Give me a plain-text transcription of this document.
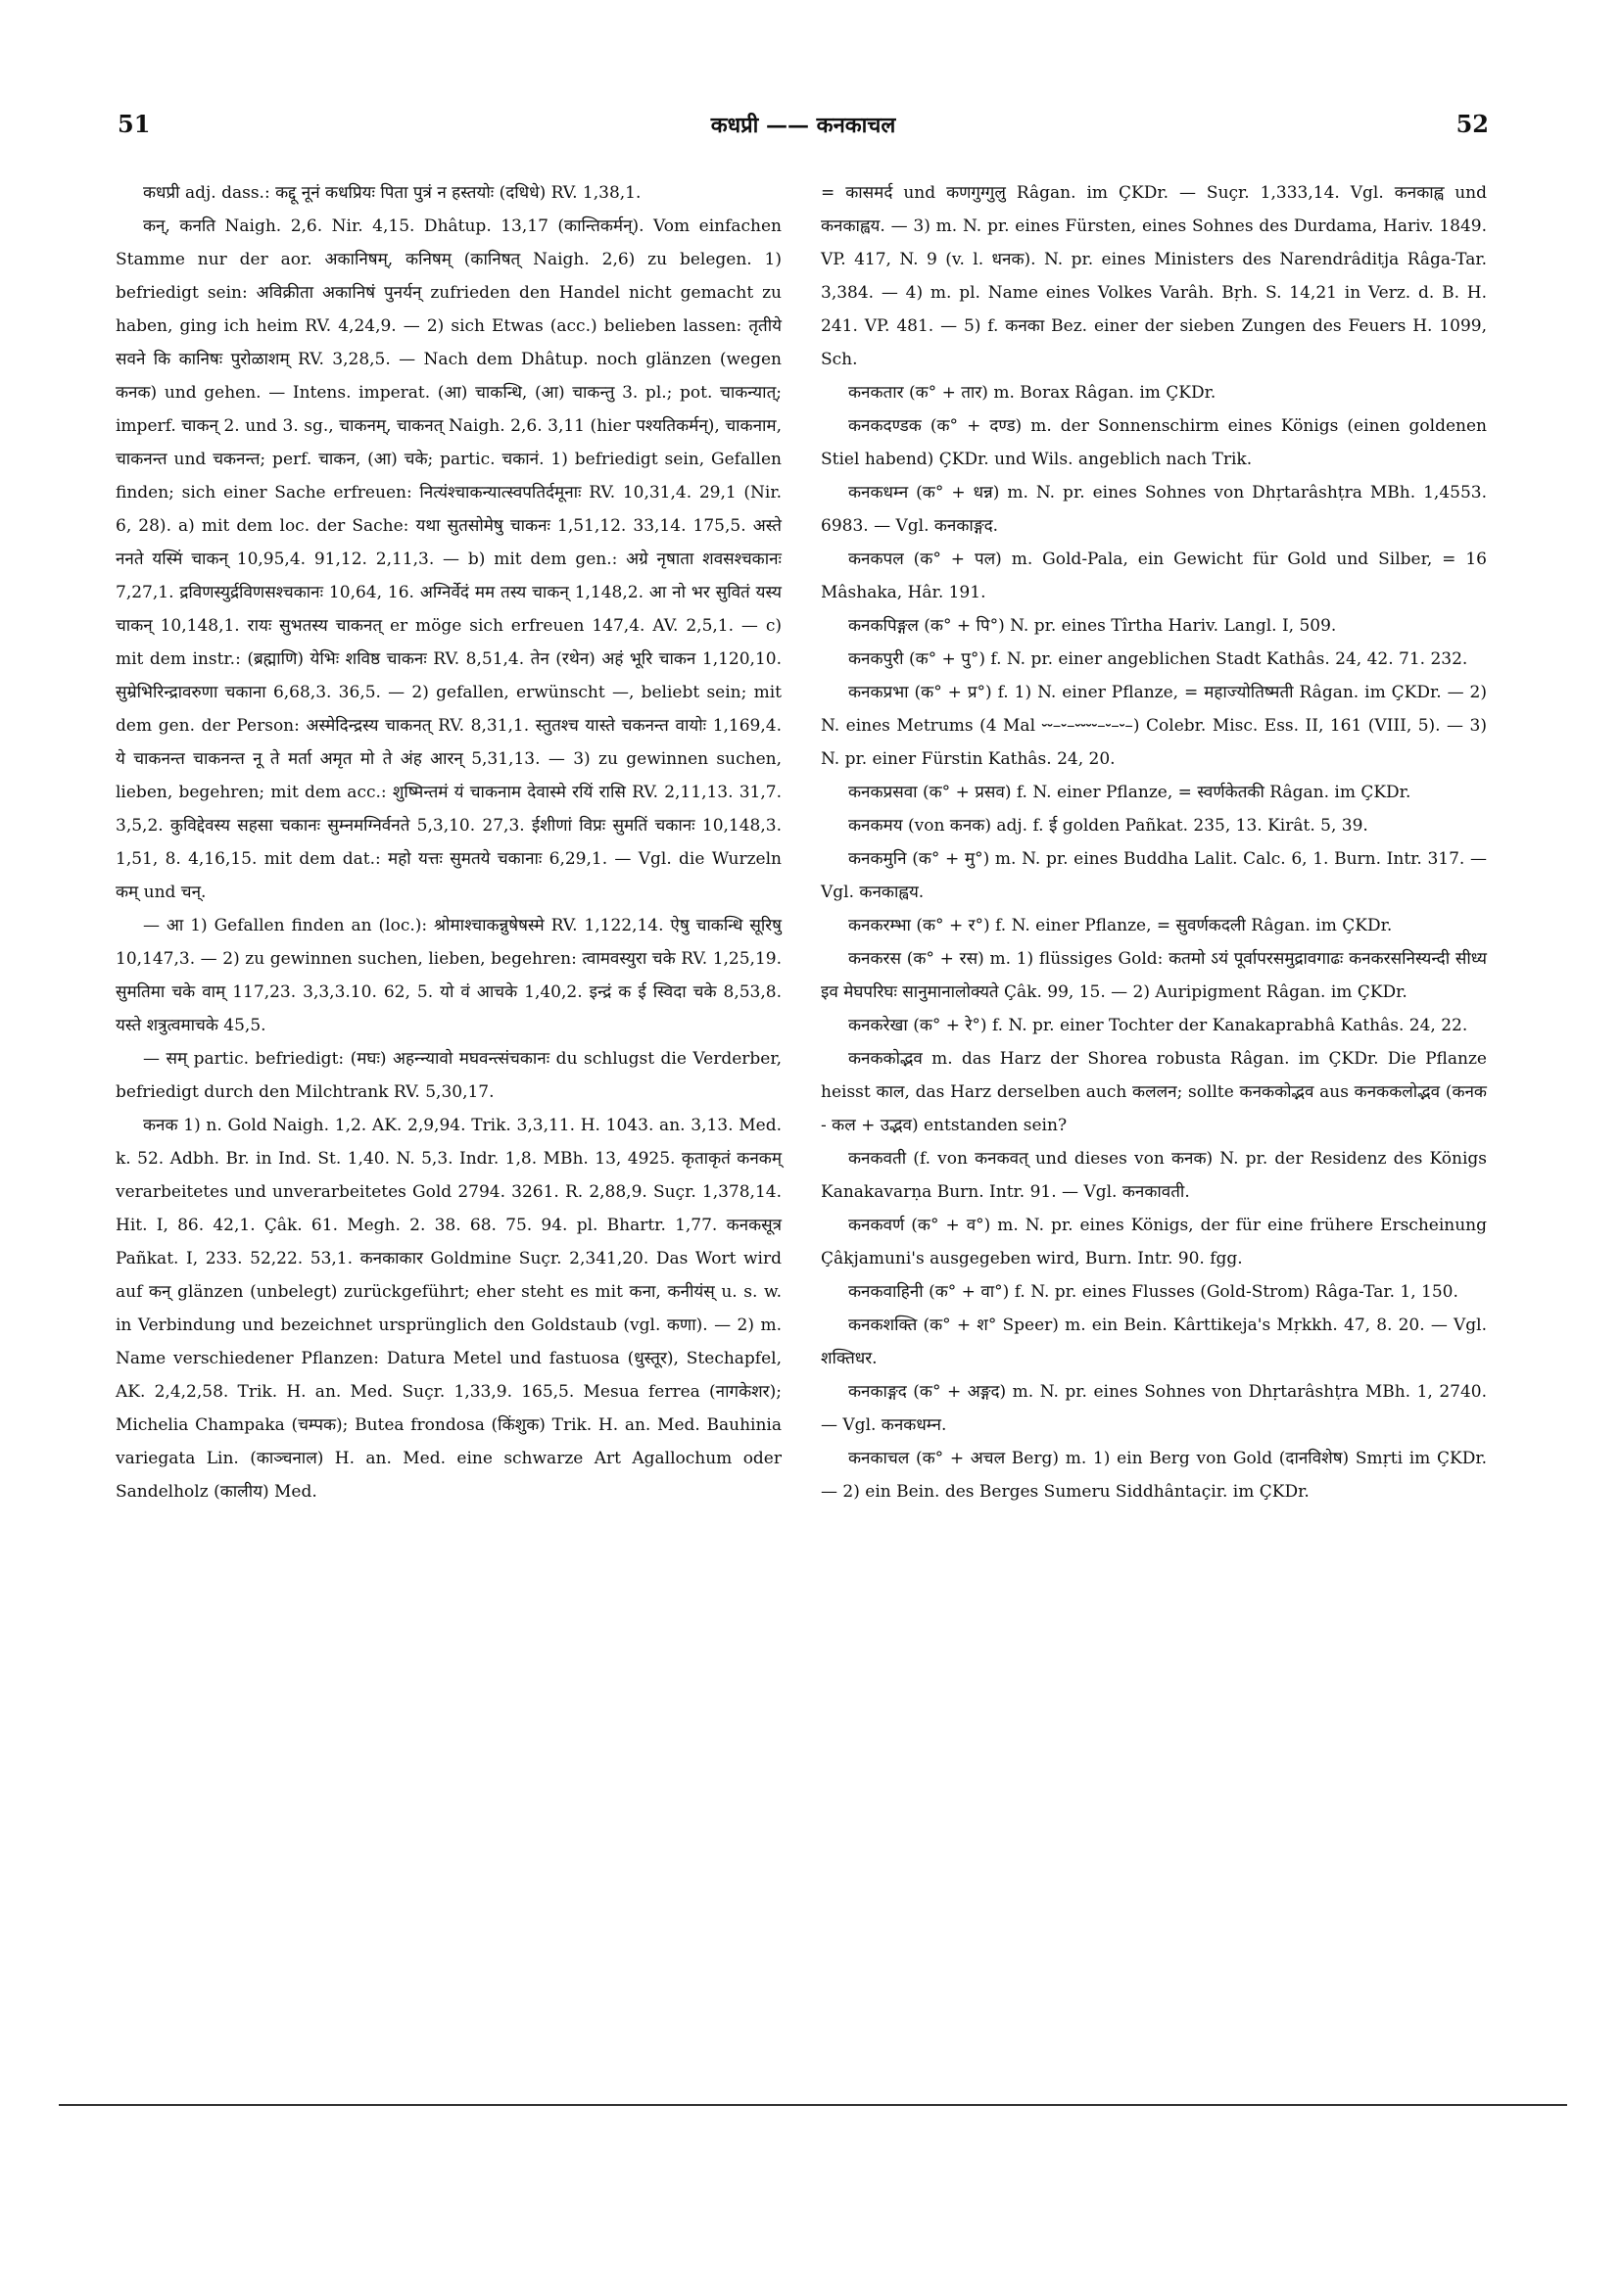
51	कधप्री —— कनकाचल	52

कधप्री adj. dass.: कद्दू नूनं कधप्रियः पिता पुत्रं न हस्तयोः (दधिधे) RV. 1,38,1.

कन्, कनति Naigh. 2,6. Nir. 4,15. Dhâtup. 13,17 (कान्तिकर्मन्). Vom einfachen Stamme nur der aor. अकानिषम्, कनिषम् (कानिषत् Naigh. 2,6) zu belegen. 1) befriedigt sein: अविक्रीता अकानिषं पुनर्यन् zufrieden den Handel nicht gemacht zu haben, ging ich heim RV. 4,24,9. — 2) sich Etwas (acc.) belieben lassen: तृतीये सवने कि कानिषः पुरोळाशम् RV. 3,28,5. — Nach dem Dhâtup. noch glänzen (wegen कनक) und gehen. — Intens. imperat. (आ) चाकन्धि, (आ) चाकन्तु 3. pl.; pot. चाकन्यात्; imperf. चाकन् 2. und 3. sg., चाकनम्, चाकनत् Naigh. 2,6. 3,11 (hier पश्यतिकर्मन्), चाकनाम, चाकनन्त und चकनन्त; perf. चाकन, (आ) चके; partic. चकानं. 1) befriedigt sein, Gefallen finden; sich einer Sache erfreuen: नित्यंश्चाकन्यात्स्वपतिर्दमूनाः RV. 10,31,4. 29,1 (Nir. 6, 28). a) mit dem loc. der Sache: यथा सुतसोमेषु चाकनः 1,51,12. 33,14. 175,5. अस्ते ननते यस्मिं चाकन् 10,95,4. 91,12. 2,11,3. — b) mit dem gen.: अग्रे नृषाता शवसश्चकानः 7,27,1. द्रविणस्युर्द्रविणसश्चकानः 10,64, 16. अग्निर्वेदं मम तस्य चाकन् 1,148,2. आ नो भर सुवितं यस्य चाकन् 10,148,1. रायः सुभतस्य चाकनत् er möge sich erfreuen 147,4. AV. 2,5,1. — c) mit dem instr.: (ब्रह्माणि) येभिः शविष्ठ चाकनः RV. 8,51,4. तेन (रथेन) अहं भूरि चाकन 1,120,10. सुम्रेभिरिन्द्रावरुणा चकाना 6,68,3. 36,5. — 2) gefallen, erwünscht —, beliebt sein; mit dem gen. der Person: अस्मेदिन्द्रस्य चाकनत् RV. 8,31,1. स्तुतश्च यास्ते चकनन्त वायोः 1,169,4. ये चाकनन्त चाकनन्त नू ते मर्ता अमृत मो ते अंह आरन् 5,31,13. — 3) zu gewinnen suchen, lieben, begehren; mit dem acc.: शुष्मिन्तमं यं चाकनाम देवास्मे रयिं रासि RV. 2,11,13. 31,7. 3,5,2. कुविद्देवस्य सहसा चकानः सुम्नमग्निर्वनते 5,3,10. 27,3. ईशीणां विप्रः सुमतिं चकानः 10,148,3. 1,51, 8. 4,16,15. mit dem dat.: महो यत्तः सुमतये चकानाः 6,29,1. — Vgl. die Wurzeln कम् und चन्.

— आ 1) Gefallen finden an (loc.): श्रोमाश्चाकन्नुषेषस्मे RV. 1,122,14. ऐषु चाकन्धि सूरिषु 10,147,3. — 2) zu gewinnen suchen, lieben, begehren: त्वामवस्युरा चके RV. 1,25,19. सुमतिमा चके वाम् 117,23. 3,3,3.10. 62, 5. यो वं आचके 1,40,2. इन्द्रं क ई स्विदा चके 8,53,8. यस्ते शत्रुत्वमाचके 45,5.

— सम् partic. befriedigt: (मघः) अहन्न्यावो मघवन्त्संचकानः du schlugst die Verderber, befriedigt durch den Milchtrank RV. 5,30,17.

कनक 1) n. Gold Naigh. 1,2. AK. 2,9,94. Trik. 3,3,11. H. 1043. an. 3,13. Med. k. 52. Adbh. Br. in Ind. St. 1,40. N. 5,3. Indr. 1,8. MBh. 13, 4925. कृताकृतं कनकम् verarbeitetes und unverarbeitetes Gold 2794. 3261. R. 2,88,9. Suçr. 1,378,14. Hit. I, 86. 42,1. Çâk. 61. Megh. 2. 38. 68. 75. 94. pl. Bhartr. 1,77. कनकसूत्र Pañkat. I, 233. 52,22. 53,1. कनकाकार Goldmine Suçr. 2,341,20. Das Wort wird auf कन् glänzen (unbelegt) zurückgeführt; eher steht es mit कना, कनीयंस् u. s. w. in Verbindung und bezeichnet ursprünglich den Goldstaub (vgl. कणा). — 2) m. Name verschiedener Pflanzen: Datura Metel und fastuosa (धुस्तूर), Stechapfel, AK. 2,4,2,58. Trik. H. an. Med. Suçr. 1,33,9. 165,5. Mesua ferrea (नागकेशर); Michelia Champaka (चम्पक); Butea frondosa (किंशुक) Trik. H. an. Med. Bauhinia variegata Lin. (काञ्चनाल) H. an. Med. eine schwarze Art Agallochum oder Sandelholz (कालीय) Med.

= कासमर्द und कणगुग्गुलु Râgan. im ÇKDr. — Suçr. 1,333,14. Vgl. कनकाह्व und कनकाह्वय. — 3) m. N. pr. eines Fürsten, eines Sohnes des Durdama, Hariv. 1849. VP. 417, N. 9 (v. l. धनक). N. pr. eines Ministers des Narendrâditja Râga-Tar. 3,384. — 4) m. pl. Name eines Volkes Varâh. Bṛh. S. 14,21 in Verz. d. B. H. 241. VP. 481. — 5) f. कनका Bez. einer der sieben Zungen des Feuers H. 1099, Sch.

कनकतार (क° + तार) m. Borax Râgan. im ÇKDr.

कनकदण्डक (क° + दण्ड) m. der Sonnenschirm eines Königs (einen goldenen Stiel habend) ÇKDr. und Wils. angeblich nach Trik.

कनकधम्न (क° + धन्न) m. N. pr. eines Sohnes von Dhṛtarâshṭra MBh. 1,4553. 6983. — Vgl. कनकाङ्गद.

कनकपल (क° + पल) m. Gold-Pala, ein Gewicht für Gold und Silber, = 16 Mâshaka, Hâr. 191.

कनकपिङ्गल (क° + पि°) N. pr. eines Tîrtha Hariv. Langl. I, 509.

कनकपुरी (क° + पु°) f. N. pr. einer angeblichen Stadt Kathâs. 24, 42. 71. 232.

कनकप्रभा (क° + प्र°) f. 1) N. einer Pflanze, = महाज्योतिष्मती Râgan. im ÇKDr. — 2) N. eines Metrums (4 Mal ⏑⏑–⏑–⏑⏑⏑⏑–⏑–⏑–) Colebr. Misc. Ess. II, 161 (VIII, 5). — 3) N. pr. einer Fürstin Kathâs. 24, 20.

कनकप्रसवा (क° + प्रसव) f. N. einer Pflanze, = स्वर्णकेतकी Râgan. im ÇKDr.

कनकमय (von कनक) adj. f. ई golden Pañkat. 235, 13. Kirât. 5, 39.

कनकमुनि (क° + मु°) m. N. pr. eines Buddha Lalit. Calc. 6, 1. Burn. Intr. 317. — Vgl. कनकाह्वय.

कनकरम्भा (क° + र°) f. N. einer Pflanze, = सुवर्णकदली Râgan. im ÇKDr.

कनकरस (क° + रस) m. 1) flüssiges Gold: कतमो ऽयं पूर्वापरसमुद्रावगाढः कनकरसनिस्यन्दी सीध्य इव मेघपरिघः सानुमानालोक्यते Çâk. 99, 15. — 2) Auripigment Râgan. im ÇKDr.

कनकरेखा (क° + रे°) f. N. pr. einer Tochter der Kanakaprabhâ Kathâs. 24, 22.

कनककोद्भव m. das Harz der Shorea robusta Râgan. im ÇKDr. Die Pflanze heisst काल, das Harz derselben auch कललन; sollte कनककोद्भव aus कनककलोद्भव (कनक - कल + उद्भव) entstanden sein?

कनकवती (f. von कनकवत् und dieses von कनक) N. pr. der Residenz des Königs Kanakavarṇa Burn. Intr. 91. — Vgl. कनकावती.

कनकवर्ण (क° + व°) m. N. pr. eines Königs, der für eine frühere Erscheinung Çâkjamuni's ausgegeben wird, Burn. Intr. 90. fgg.

कनकवाहिनी (क° + वा°) f. N. pr. eines Flusses (Gold-Strom) Râga-Tar. 1, 150.

कनकशक्ति (क° + श° Speer) m. ein Bein. Kârttikeja's Mṛkkh. 47, 8. 20. — Vgl. शक्तिधर.

कनकाङ्गद (क° + अङ्गद) m. N. pr. eines Sohnes von Dhṛtarâshṭra MBh. 1, 2740. — Vgl. कनकधम्न.

कनकाचल (क° + अचल Berg) m. 1) ein Berg von Gold (दानविशेष) Smṛti im ÇKDr. — 2) ein Bein. des Berges Sumeru Siddhântaçir. im ÇKDr.
